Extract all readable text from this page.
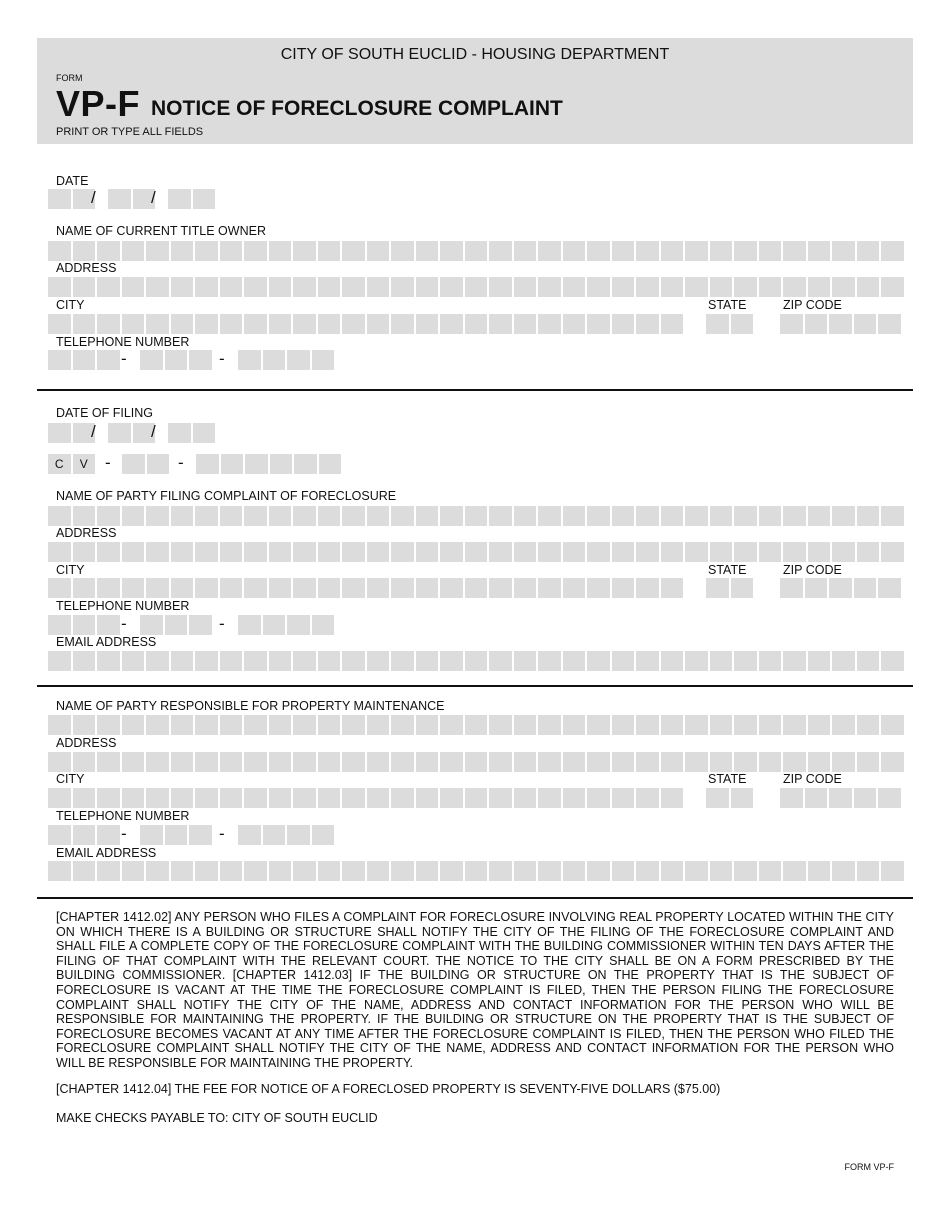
CITY OF SOUTH EUCLID - HOUSING DEPARTMENT
FORM
VP-F NOTICE OF FORECLOSURE COMPLAINT
PRINT OR TYPE ALL FIELDS
DATE
/	/
NAME OF CURRENT TITLE OWNER
ADDRESS
CITY	STATE	ZIP CODE
TELEPHONE NUMBER
-	-
DATE OF FILING
/	/
C	V	-	-
NAME OF PARTY FILING COMPLAINT OF FORECLOSURE
ADDRESS
CITY	STATE	ZIP CODE
TELEPHONE NUMBER
-	-
EMAIL ADDRESS
NAME OF PARTY RESPONSIBLE FOR PROPERTY MAINTENANCE
ADDRESS
CITY	STATE	ZIP CODE
TELEPHONE NUMBER
-	-
EMAIL ADDRESS
[CHAPTER 1412.02] ANY PERSON WHO FILES A COMPLAINT FOR FORECLOSURE INVOLVING REAL PROPERTY LOCATED WITHIN THE CITY ON WHICH THERE IS A BUILDING OR STRUCTURE SHALL NOTIFY THE CITY OF THE FILING OF THE FORECLOSURE COMPLAINT AND SHALL FILE A COMPLETE COPY OF THE FORECLOSURE COMPLAINT WITH THE BUILDING COMMISSIONER WITHIN TEN DAYS AFTER THE FILING OF THAT COMPLAINT WITH THE RELEVANT COURT. THE NOTICE TO THE CITY SHALL BE ON A FORM PRESCRIBED BY THE BUILDING COMMISSIONER. [CHAPTER 1412.03] IF THE BUILDING OR STRUCTURE ON THE PROPERTY THAT IS THE SUBJECT OF FORECLOSURE IS VACANT AT THE TIME THE FORECLOSURE COMPLAINT IS FILED, THEN THE PERSON FILING THE FORECLOSURE COMPLAINT SHALL NOTIFY THE CITY OF THE NAME, ADDRESS AND CONTACT INFORMATION FOR THE PERSON WHO WILL BE RESPONSIBLE FOR MAINTAINING THE PROPERTY. IF THE BUILDING OR STRUCTURE ON THE PROPERTY THAT IS THE SUBJECT OF FORECLOSURE BECOMES VACANT AT ANY TIME AFTER THE FORECLOSURE COMPLAINT IS FILED, THEN THE PERSON WHO FILED THE FORECLOSURE COMPLAINT SHALL NOTIFY THE CITY OF THE NAME, ADDRESS AND CONTACT INFORMATION FOR THE PERSON WHO WILL BE RESPONSIBLE FOR MAINTAINING THE PROPERTY.
[CHAPTER 1412.04] THE FEE FOR NOTICE OF A FORECLOSED PROPERTY IS SEVENTY-FIVE DOLLARS ($75.00)
MAKE CHECKS PAYABLE TO: CITY OF SOUTH EUCLID
FORM VP-F
